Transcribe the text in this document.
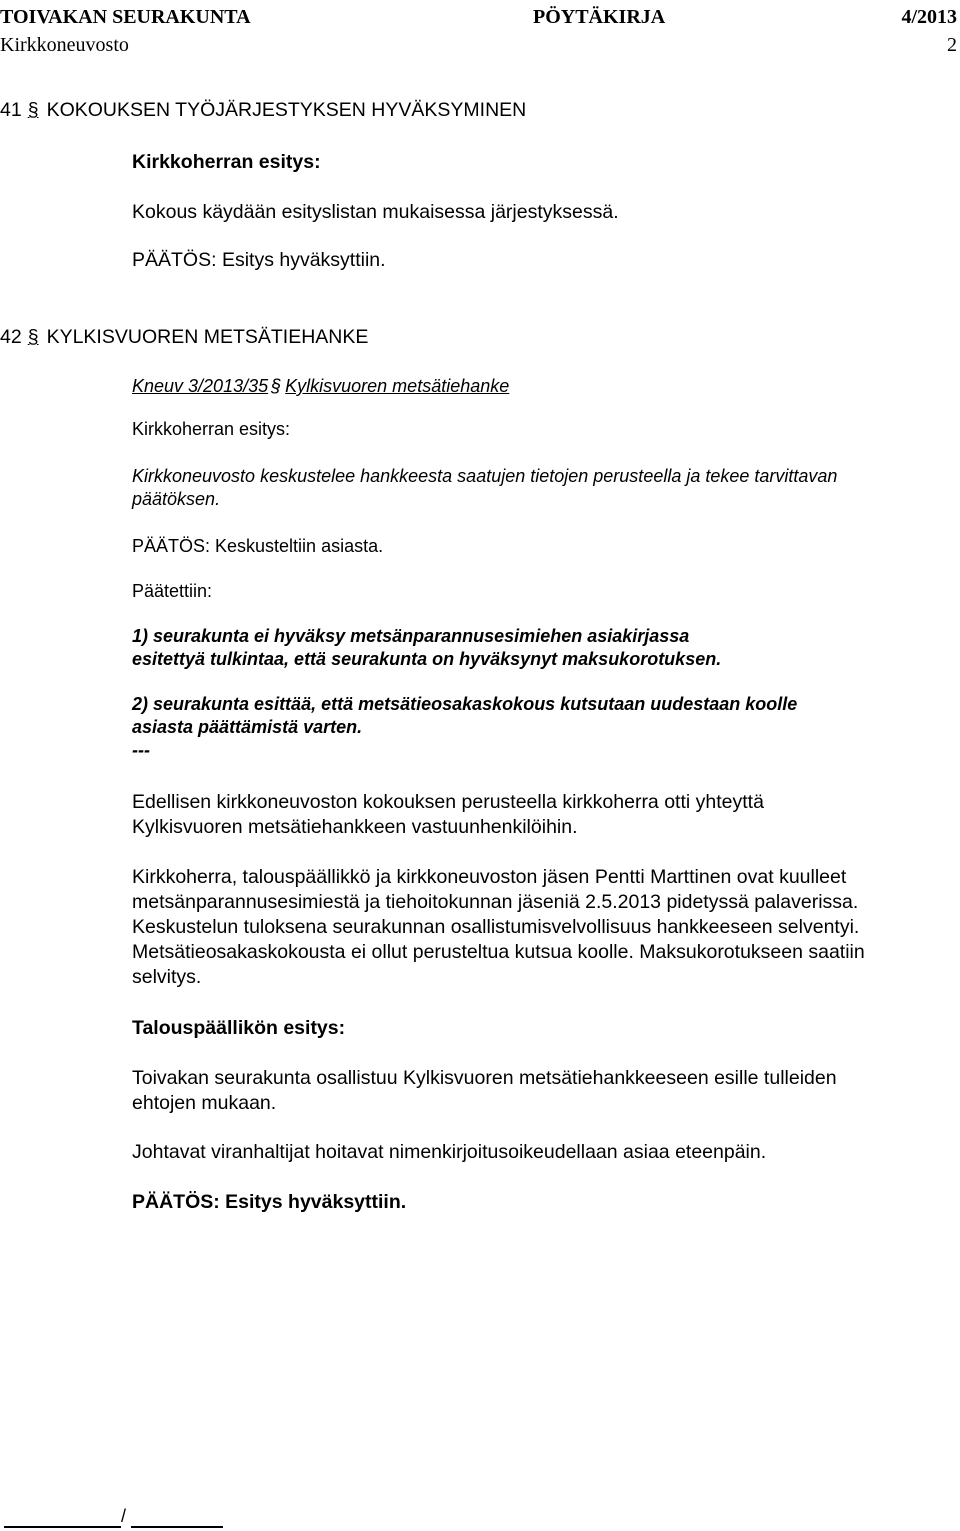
TOIVAKAN SEURAKUNTA	PÖYTÄKIRJA	4/2013
Kirkkoneuvosto	2
41 § KOKOUKSEN TYÖJÄRJESTYKSEN HYVÄKSYMINEN
Kirkkoherran esitys:
Kokous käydään esityslistan mukaisessa järjestyksessä.
PÄÄTÖS: Esitys hyväksyttiin.
42 § KYLKISVUOREN METSÄTIEHANKE
Kneuv 3/2013/35 § Kylkisvuoren metsätiehanke
Kirkkoherran esitys:
Kirkkoneuvosto keskustelee hankkeesta saatujen tietojen perusteella ja tekee tarvittavan
päätöksen.
PÄÄTÖS: Keskusteltiin asiasta.
Päätettiin:
1) seurakunta ei hyväksy metsänparannusesimiehen asiakirjassa
esitettyä tulkintaa, että seurakunta on hyväksynyt maksukorotuksen.
2) seurakunta esittää, että metsätieosakaskokous kutsutaan uudestaan koolle
asiasta päättämistä varten.
---
Edellisen kirkkoneuvoston kokouksen perusteella kirkkoherra otti yhteyttä
Kylkisvuoren metsätiehankkeen vastuunhenkilöihin.
Kirkkoherra, talouspäällikkö ja kirkkoneuvoston jäsen Pentti Marttinen ovat kuulleet
metsänparannusesimiestä ja tiehoitokunnan jäseniä 2.5.2013 pidetyssä palaverissa.
Keskustelun tuloksena seurakunnan osallistumisvelvollisuus hankkeeseen selventyi.
Metsätieosakaskokousta ei ollut perusteltua kutsua koolle. Maksukorotukseen saatiin
selvitys.
Talouspäällikön esitys:
Toivakan seurakunta osallistuu Kylkisvuoren metsätiehankkeeseen esille tulleiden
ehtojen mukaan.
Johtavat viranhaltijat hoitavat nimenkirjoitusoikeudellaan asiaa eteenpäin.
PÄÄTÖS: Esitys hyväksyttiin.
/
